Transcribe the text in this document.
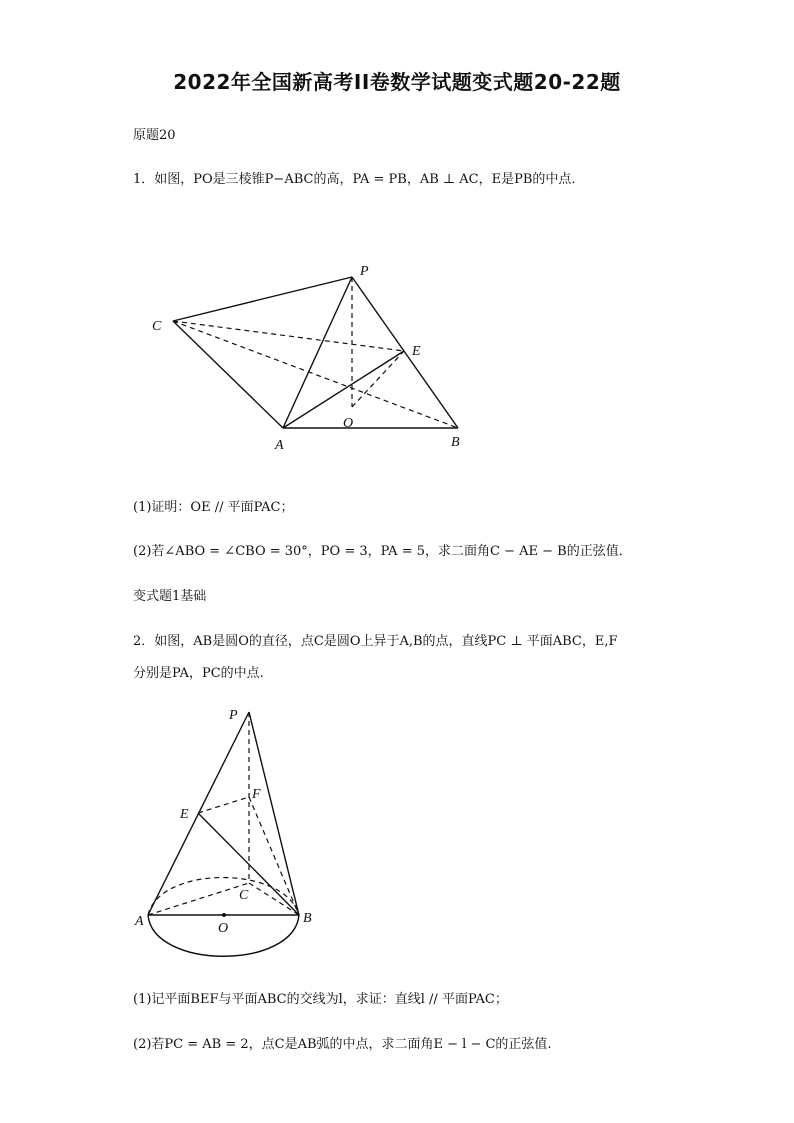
2022年全国新高考II卷数学试题变式题20-22题
原题20
1．如图，PO是三棱锥P−ABC的高，PA = PB，AB ⊥ AC，E是PB的中点．
P
C
E
O
A	B
(1)证明：OE // 平面PAC；
(2)若∠ABO = ∠CBO = 30°，PO = 3，PA = 5，求二面角C − AE − B的正弦值．
变式题1基础
2．如图，AB是圆O的直径，点C是圆O上异于A,B的点，直线PC ⊥ 平面ABC，E,F
分别是PA，PC的中点.
P
E
F
C
A	O
B
(1)记平面BEF与平面ABC的交线为l，求证：直线l // 平面PAC；
(2)若PC = AB = 2，点C是AB弧的中点，求二面角E − l − C的正弦值.
